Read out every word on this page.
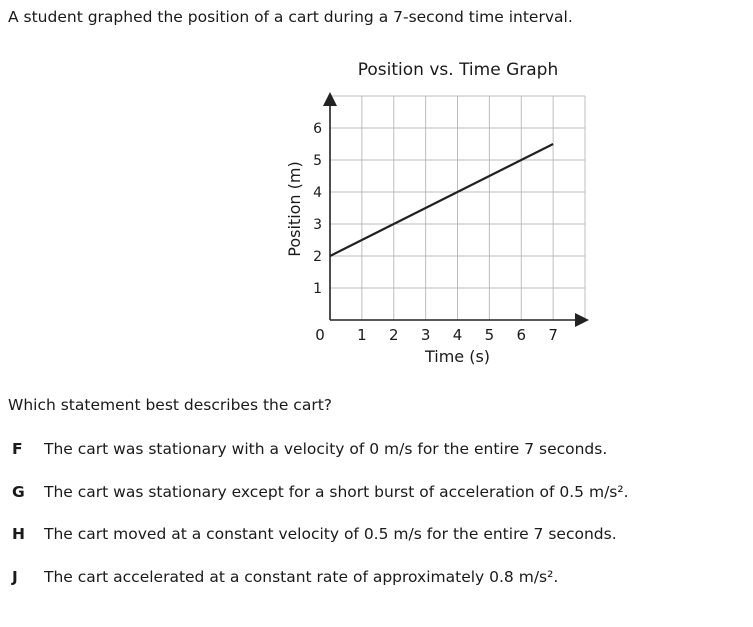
A student graphed the position of a cart during a 7-second time interval.
Position vs. Time Graph
1 2 3 4 5 6 7
1
2
3
4
5
6
0
Time (s)
Position (m)
Which statement best describes the cart?
F The cart was stationary with a velocity of 0 m/s for the entire 7 seconds.
G The cart was stationary except for a short burst of acceleration of 0.5 m/s².
H The cart moved at a constant velocity of 0.5 m/s for the entire 7 seconds.
J The cart accelerated at a constant rate of approximately 0.8 m/s².
